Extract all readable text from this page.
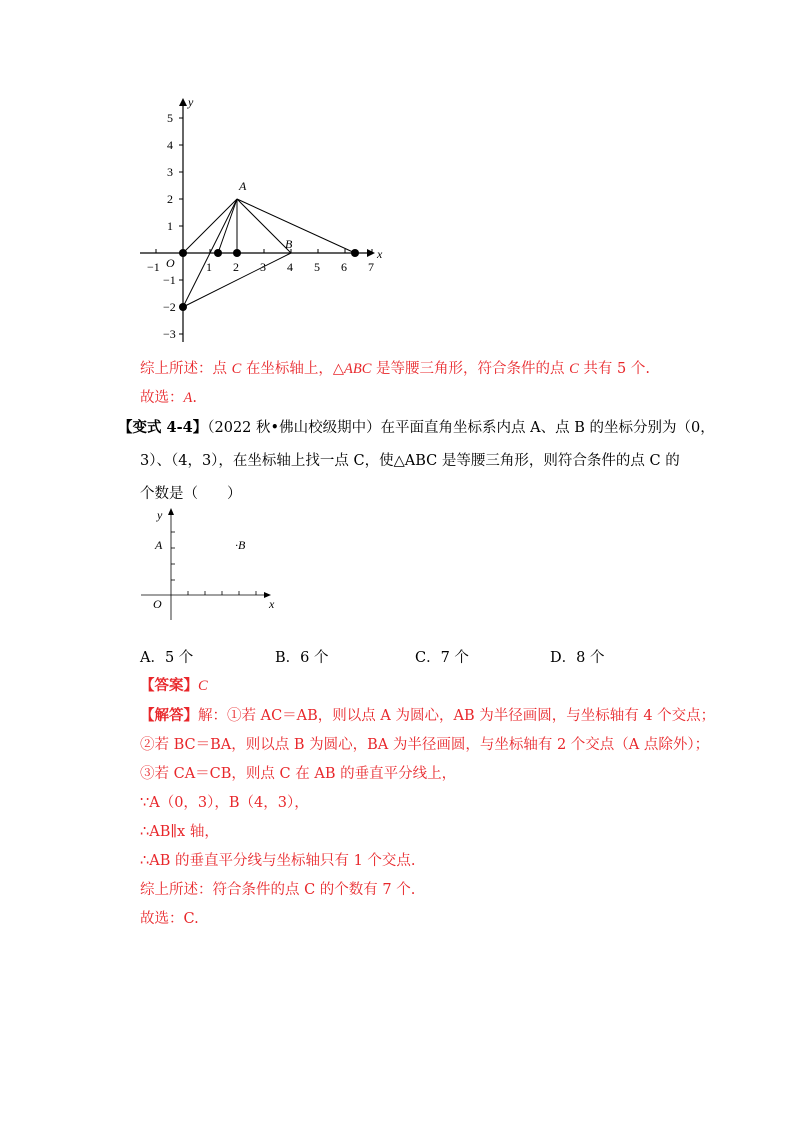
5
4
3
2
1
−1
−2
−3
−1	1 2 3 4 5 6 7
O
y
x
A
B
综上所述：点 C 在坐标轴上，△ABC 是等腰三角形，符合条件的点 C 共有 5 个.
故选：A.
【变式 4-4】（2022 秋•佛山校级期中）在平面直角坐标系内点 A、点 B 的坐标分别为（0，
3）、（4，3），在坐标轴上找一点 C，使△ABC 是等腰三角形，则符合条件的点 C 的
个数是（　　）
y
x
O
A	·B
A．5 个	B．6 个	C．7 个	D．8 个
【答案】C
【解答】解：①若 AC＝AB，则以点 A 为圆心，AB 为半径画圆，与坐标轴有 4 个交点；
②若 BC＝BA，则以点 B 为圆心，BA 为半径画圆，与坐标轴有 2 个交点（A 点除外）；
③若 CA＝CB，则点 C 在 AB 的垂直平分线上，
∵A（0，3），B（4，3），
∴AB∥x 轴，
∴AB 的垂直平分线与坐标轴只有 1 个交点.
综上所述：符合条件的点 C 的个数有 7 个.
故选：C.
